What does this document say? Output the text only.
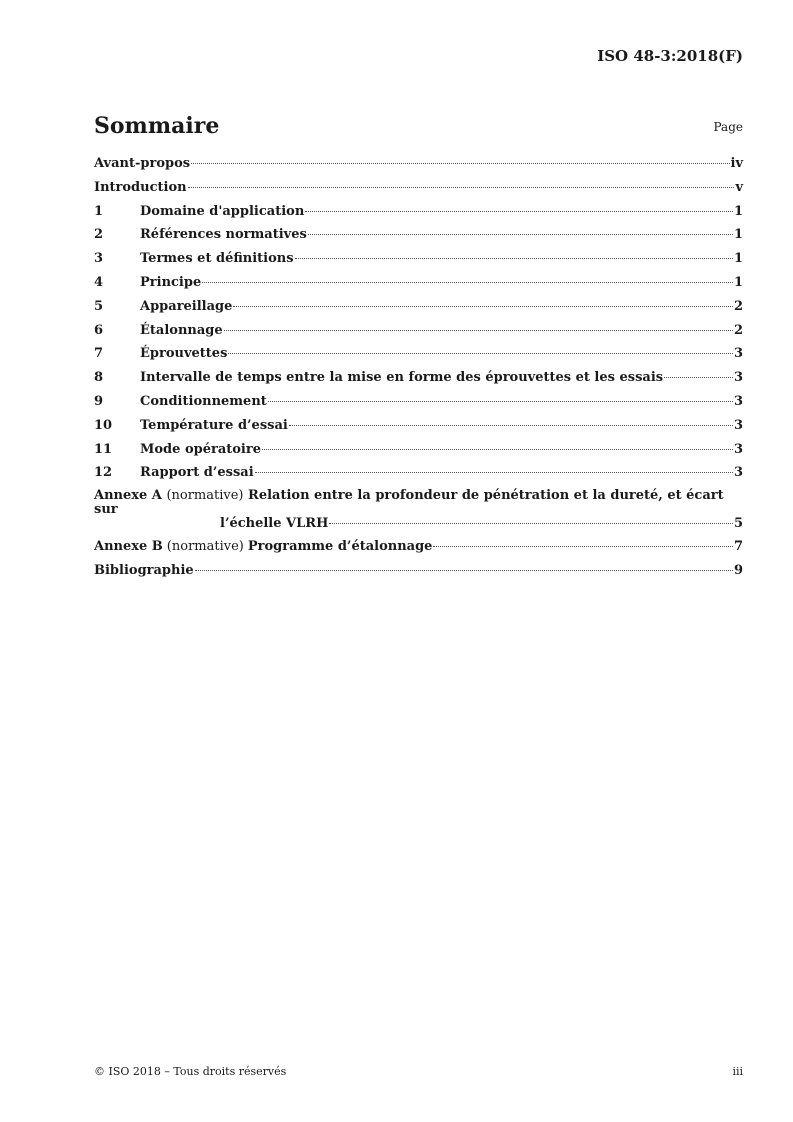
ISO 48-3:2018(F)
Sommaire	Page
Avant-propos	iv
Introduction	v
1	Domaine d'application	1
2	Références normatives	1
3	Termes et définitions	1
4	Principe	1
5	Appareillage	2
6	Étalonnage	2
7	Éprouvettes	3
8	Intervalle de temps entre la mise en forme des éprouvettes et les essais	3
9	Conditionnement	3
10	Température d’essai	3
11	Mode opératoire	3
12	Rapport d’essai	3
Annexe A (normative) Relation entre la profondeur de pénétration et la dureté, et écart sur
l’échelle VLRH	5
Annexe B (normative) Programme d’étalonnage	7
Bibliographie	9
© ISO 2018 – Tous droits réservés	iii
